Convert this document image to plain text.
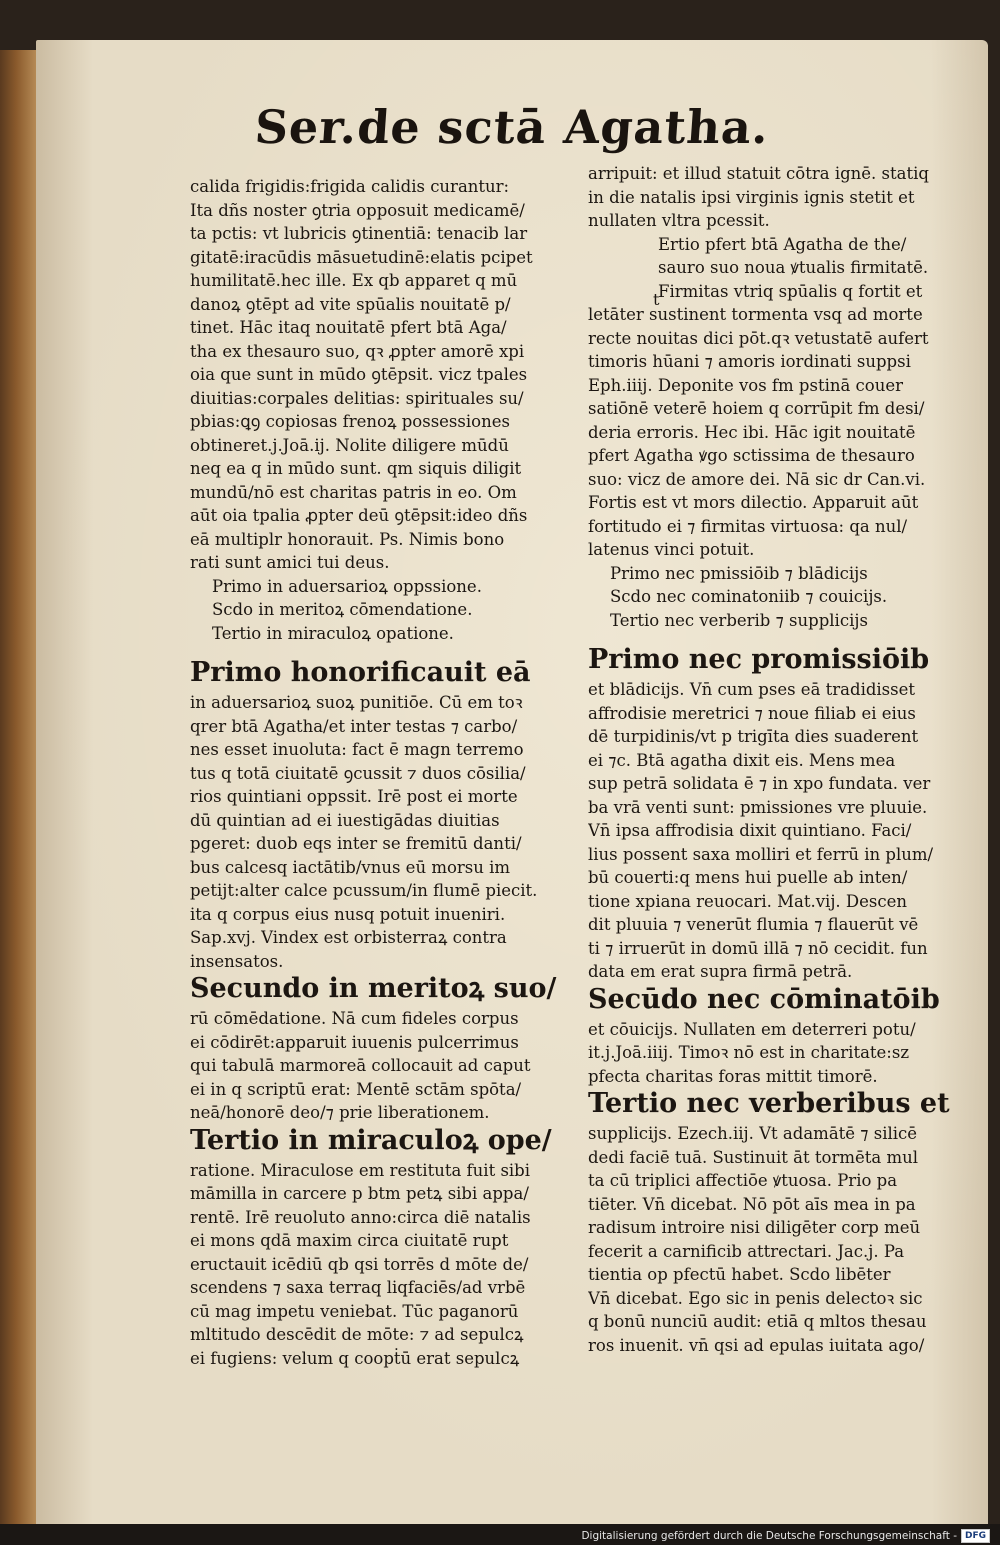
Ser.de sctā Agatha.
calida frigidis:frigida calidis curantur:
Ita dñs noster ꝯtria opposuit medicamē/
ta pctis: vt lubricis ꝯtinentiā: tenacib lar
gitatē:iracūdis māsuetudinē:elatis pcipet
humilitatē.hec ille. Ex qb apparet q mū
danoꝝ ꝯtēpt ad vite spūalis nouitatē p/
tinet. Hāc itaq nouitatē pfert btā Aga/
tha ex thesauro suo, qꝛ ꝓpter amorē xpi
oia que sunt in mūdo ꝯtēpsit. vicz tpales
diuitias:corpales delitias: spirituales su/
pbias:ꝗꝯ copiosas frenoꝝ possessiones
obtineret.j.Joā.ij. Nolite diligere mūdū
neq ea q in mūdo sunt. qm siquis diligit
mundū/nō est charitas patris in eo. Om
aūt oia tpalia ꝓpter deū ꝯtēpsit:ideo dñs
eā multiplr honorauit. Ps. Nimis bono
rati sunt amici tui deus.
Primo in aduersarioꝝ oppssione.
Scdo in meritoꝝ cōmendatione.
Tertio in miraculoꝝ opatione.
Primo honorificauit eā
in aduersarioꝝ suoꝝ punitiōe. Cū em toꝛ
qrer btā Agatha/et inter testas ⁊ carbo/
nes esset inuoluta: fact ē magn terremo
tus q totā ciuitatē ꝯcussit ⁊ duos cōsilia/
rios quintiani oppssit. Irē post ei morte
dū quintian ad ei iuestigādas diuitias
pgeret: duob eqs inter se fremitū danti/
bus calcesq iactātib/vnus eū morsu im
petijt:alter calce pcussum/in flumē piecit.
ita q corpus eius nusq potuit inueniri.
Sap.xvj. Vindex est orbisterraꝝ contra
insensatos.
Secundo in meritoꝝ suo/
rū cōmēdatione. Nā cum fideles corpus
ei cōdirēt:apparuit iuuenis pulcerrimus
qui tabulā marmoreā collocauit ad caput
ei in q scriptū erat: Mentē sctām spōta/
neā/honorē deo/⁊ prie liberationem.
Tertio in miraculoꝝ ope/
ratione. Miraculose em restituta fuit sibi
māmilla in carcere p btm petꝝ sibi appa/
rentē. Irē reuoluto anno:circa diē natalis
ei mons qdā maxim circa ciuitatē rupt
eructauit icēdiū qb qsi torrēs d mōte de/
scendens ⁊ saxa terraq liqfaciēs/ad vrbē
cū mag impetu veniebat. Tūc paganorū
mltitudo descēdit de mōte: ⁊ ad sepulcꝝ
ei fugiens: velum q coopṫū erat sepulcꝝ
arripuit: et illud statuit cōtra ignē. statiq
in die natalis ipsi virginis ignis stetit et
nullaten vltra pcessit.
Ertio pfert btā Agatha de the/
sauro suo noua ꝟtualis firmitatē.
Firmitas vtriq spūalis q fortit et
letāter sustinent tormenta vsq ad morte
recte nouitas dici pōt.qꝛ vetustatē aufert
timoris hūani ⁊ amoris iordinati suppsi
Eph.iiij. Deponite vos fm pstinā couer
satiōnē veterē hoiem q corrūpit fm desi/
deria erroris. Hec ibi. Hāc igit nouitatē
pfert Agatha ꝟgo sctissima de thesauro
suo: vicz de amore dei. Nā sic dr Can.vi.
Fortis est vt mors dilectio. Apparuit aūt
fortitudo ei ⁊ firmitas virtuosa: qa nul/
latenus vinci potuit.
Primo nec pmissiōib ⁊ blādicijs
Scdo nec cominatoniib ⁊ couicijs.
Tertio nec verberib ⁊ supplicijs
Primo nec promissiōib
et blādicijs. Vn̄ cum pses eā tradidisset
affrodisie meretrici ⁊ noue filiab ei eius
dē turpidinis/vt p trigīta dies suaderent
ei ⁊c. Btā agatha dixit eis. Mens mea
sup petrā solidata ē ⁊ in xpo fundata. ver
ba vrā venti sunt: pmissiones vre pluuie.
Vn̄ ipsa affrodisia dixit quintiano. Faci/
lius possent saxa molliri et ferrū in plum/
bū couerti:q mens hui puelle ab inten/
tione xpiana reuocari. Mat.vij. Descen
dit pluuia ⁊ venerūt flumia ⁊ flauerūt vē
ti ⁊ irruerūt in domū illā ⁊ nō cecidit. fun
data em erat supra firmā petrā.
Secūdo nec cōminatōib
et cōuicijs. Nullaten em deterreri potu/
it.j.Joā.iiij. Timoꝛ nō est in charitate:sz
pfecta charitas foras mittit timorē.
Tertio nec verberibus et
supplicijs. Ezech.iij. Vt adamātē ⁊ silicē
dedi faciē tuā. Sustinuit āt tormēta mul
ta cū triplici affectiōe ꝟtuosa. Prio pa
tiēter. Vn̄ dicebat. Nō pōt aīs mea in pa
radisum introire nisi diligēter corp meū
fecerit a carnificib attrectari. Jac.j. Pa
tientia op pfectū habet. Scdo libēter
Vn̄ dicebat. Ego sic in penis delectoꝛ sic
q bonū nunciū audit: etiā q mltos thesau
ros inuenit. vn̄ qsi ad epulas iuitata ago/
t
Digitalisierung gefördert durch die Deutsche Forschungsgemeinschaft - DFG
